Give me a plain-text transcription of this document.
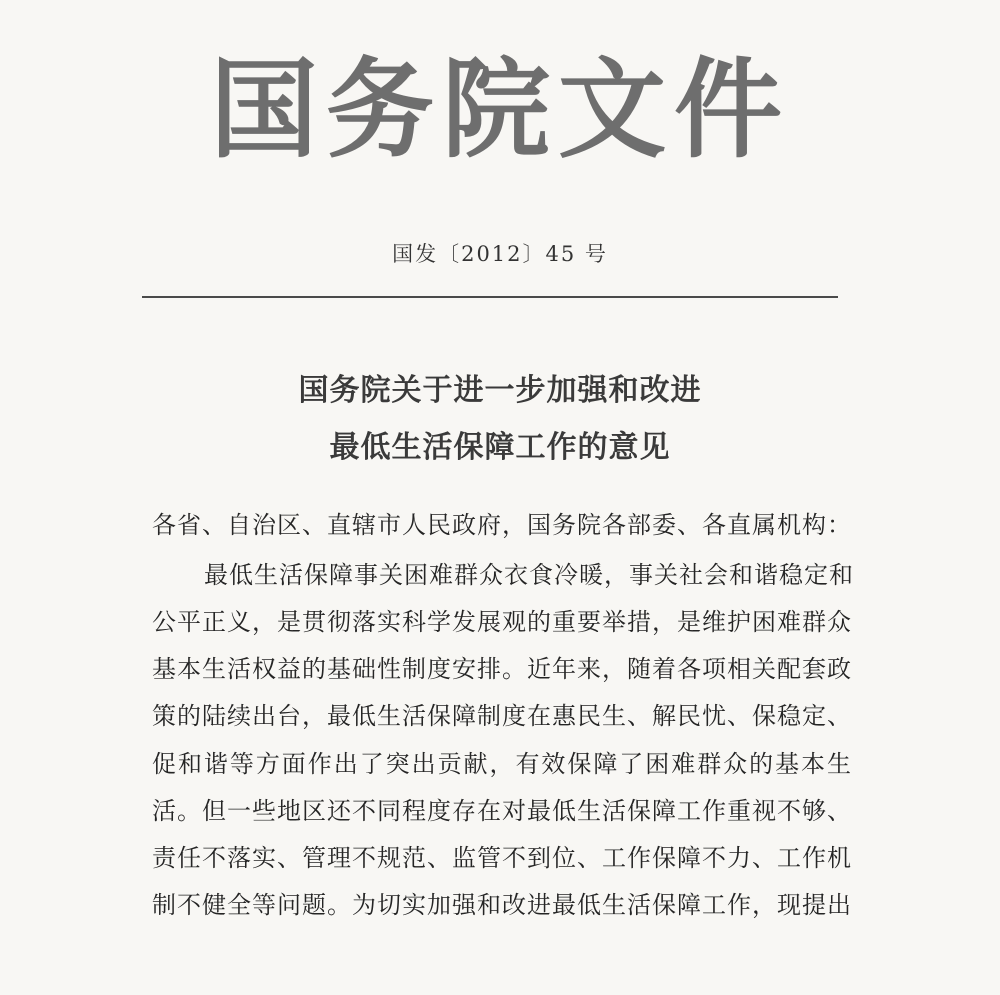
国务院文件
国发〔2012〕45 号
国务院关于进一步加强和改进
最低生活保障工作的意见
各省、自治区、直辖市人民政府，国务院各部委、各直属机构：
最低生活保障事关困难群众衣食冷暖，事关社会和谐稳定和
公平正义，是贯彻落实科学发展观的重要举措，是维护困难群众
基本生活权益的基础性制度安排。近年来，随着各项相关配套政
策的陆续出台，最低生活保障制度在惠民生、解民忧、保稳定、
促和谐等方面作出了突出贡献，有效保障了困难群众的基本生
活。但一些地区还不同程度存在对最低生活保障工作重视不够、
责任不落实、管理不规范、监管不到位、工作保障不力、工作机
制不健全等问题。为切实加强和改进最低生活保障工作，现提出
